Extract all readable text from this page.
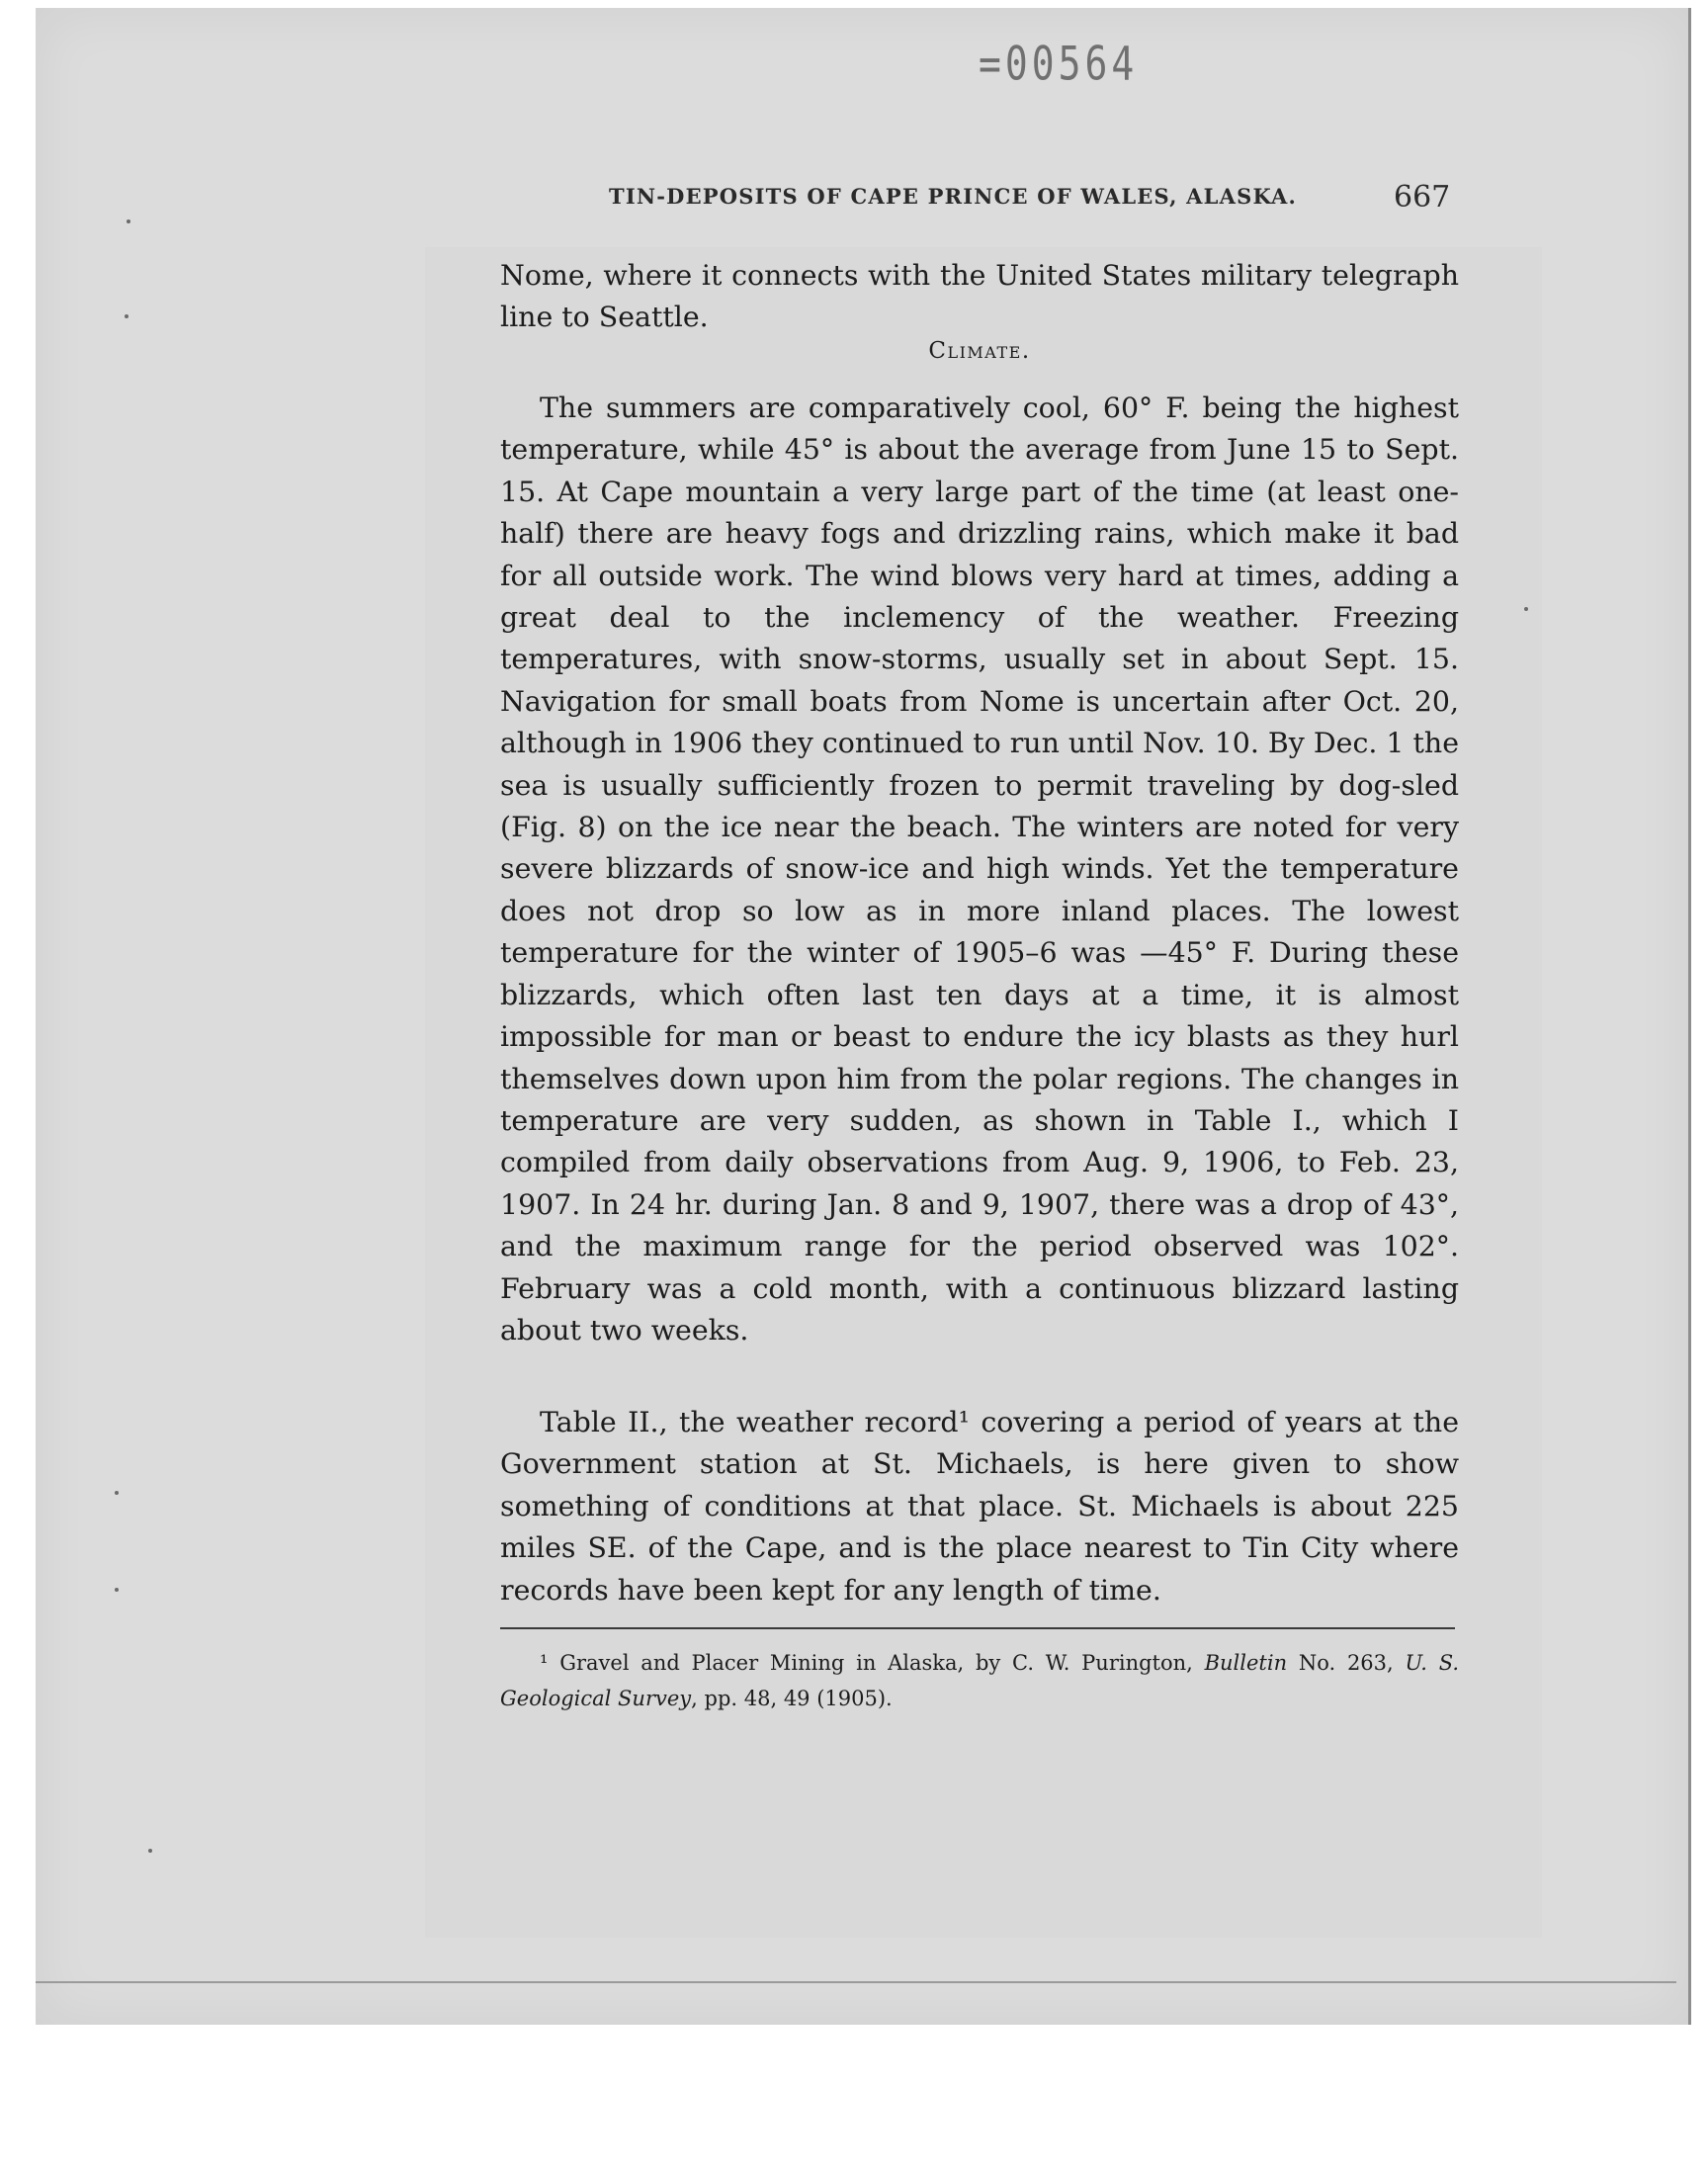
=00564
TIN-DEPOSITS OF CAPE PRINCE OF WALES, ALASKA.	667

Nome, where it connects with the United States military telegraph line to Seattle.

Climate.

The summers are comparatively cool, 60° F. being the highest temperature, while 45° is about the average from June 15 to Sept. 15. At Cape mountain a very large part of the time (at least one-half) there are heavy fogs and drizzling rains, which make it bad for all outside work. The wind blows very hard at times, adding a great deal to the inclemency of the weather. Freezing temperatures, with snow-storms, usually set in about Sept. 15. Navigation for small boats from Nome is uncertain after Oct. 20, although in 1906 they continued to run until Nov. 10. By Dec. 1 the sea is usually sufficiently frozen to permit traveling by dog-sled (Fig. 8) on the ice near the beach. The winters are noted for very severe blizzards of snow-ice and high winds. Yet the temperature does not drop so low as in more inland places. The lowest temperature for the winter of 1905–6 was —45° F. During these blizzards, which often last ten days at a time, it is almost impossible for man or beast to endure the icy blasts as they hurl themselves down upon him from the polar regions. The changes in temperature are very sudden, as shown in Table I., which I compiled from daily observations from Aug. 9, 1906, to Feb. 23, 1907. In 24 hr. during Jan. 8 and 9, 1907, there was a drop of 43°, and the maximum range for the period observed was 102°. February was a cold month, with a continuous blizzard lasting about two weeks.

Table II., the weather record¹ covering a period of years at the Government station at St. Michaels, is here given to show something of conditions at that place. St. Michaels is about 225 miles SE. of the Cape, and is the place nearest to Tin City where records have been kept for any length of time.

¹ Gravel and Placer Mining in Alaska, by C. W. Purington, Bulletin No. 263, U. S. Geological Survey, pp. 48, 49 (1905).
